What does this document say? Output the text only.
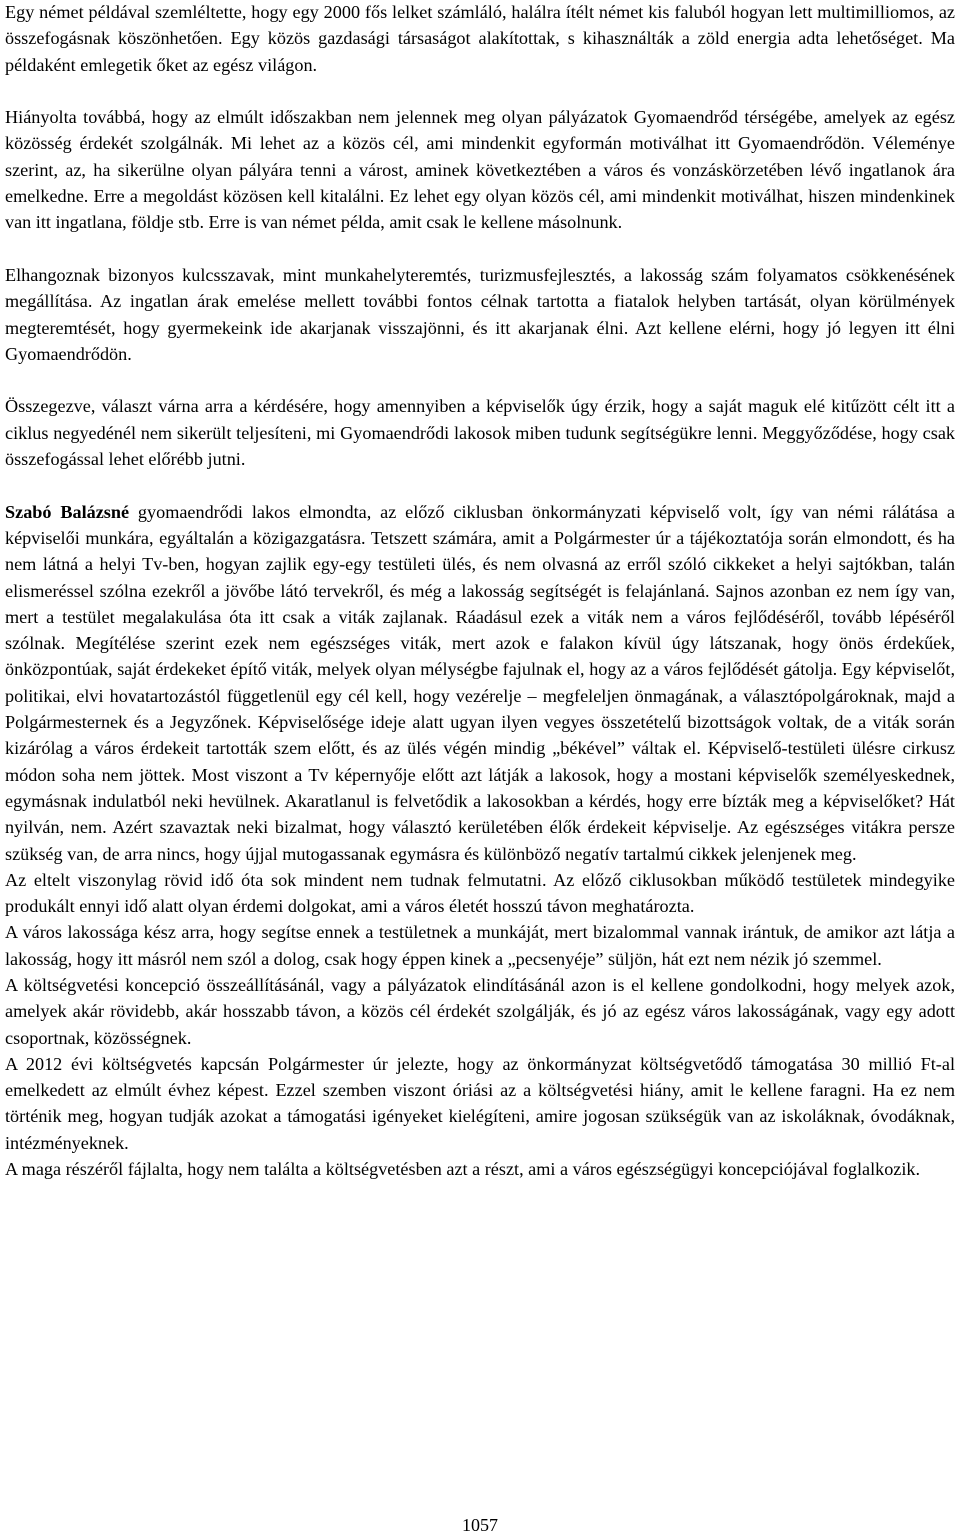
Egy német példával szemléltette, hogy egy 2000 fős lelket számláló, halálra ítélt német kis faluból hogyan lett multimilliomos, az összefogásnak köszönhetően. Egy közös gazdasági társaságot alakítottak, s kihasználták a zöld energia adta lehetőséget. Ma példaként emlegetik őket az egész világon.

Hiányolta továbbá, hogy az elmúlt időszakban nem jelennek meg olyan pályázatok Gyomaendrőd térségébe, amelyek az egész közösség érdekét szolgálnák. Mi lehet az a közös cél, ami mindenkit egyformán motiválhat itt Gyomaendrődön. Véleménye szerint, az, ha sikerülne olyan pályára tenni a várost, aminek következtében a város és vonzáskörzetében lévő ingatlanok ára emelkedne. Erre a megoldást közösen kell kitalálni. Ez lehet egy olyan közös cél, ami mindenkit motiválhat, hiszen mindenkinek van itt ingatlana, földje stb. Erre is van német példa, amit csak le kellene másolnunk.

Elhangoznak bizonyos kulcsszavak, mint munkahelyteremtés, turizmusfejlesztés, a lakosság szám folyamatos csökkenésének megállítása. Az ingatlan árak emelése mellett további fontos célnak tartotta a fiatalok helyben tartását, olyan körülmények megteremtését, hogy gyermekeink ide akarjanak visszajönni, és itt akarjanak élni. Azt kellene elérni, hogy jó legyen itt élni Gyomaendrődön.

Összegezve, választ várna arra a kérdésére, hogy amennyiben a képviselők úgy érzik, hogy a saját maguk elé kitűzött célt itt a ciklus negyedénél nem sikerült teljesíteni, mi Gyomaendrődi lakosok miben tudunk segítségükre lenni. Meggyőződése, hogy csak összefogással lehet előrébb jutni.

Szabó Balázsné gyomaendrődi lakos elmondta, az előző ciklusban önkormányzati képviselő volt, így van némi rálátása a képviselői munkára, egyáltalán a közigazgatásra. Tetszett számára, amit a Polgármester úr a tájékoztatója során elmondott, és ha nem látná a helyi Tv-ben, hogyan zajlik egy-egy testületi ülés, és nem olvasná az erről szóló cikkeket a helyi sajtókban, talán elismeréssel szólna ezekről a jövőbe látó tervekről, és még a lakosság segítségét is felajánlaná. Sajnos azonban ez nem így van, mert a testület megalakulása óta itt csak a viták zajlanak. Ráadásul ezek a viták nem a város fejlődéséről, tovább lépéséről szólnak. Megítélése szerint ezek nem egészséges viták, mert azok e falakon kívül úgy látszanak, hogy önös érdekűek, önközpontúak, saját érdekeket építő viták, melyek olyan mélységbe fajulnak el, hogy az a város fejlődését gátolja. Egy képviselőt, politikai, elvi hovatartozástól függetlenül egy cél kell, hogy vezérelje – megfeleljen önmagának, a választópolgároknak, majd a Polgármesternek és a Jegyzőnek. Képviselősége ideje alatt ugyan ilyen vegyes összetételű bizottságok voltak, de a viták során kizárólag a város érdekeit tartották szem előtt, és az ülés végén mindig „békével” váltak el. Képviselő-testületi ülésre cirkusz módon soha nem jöttek. Most viszont a Tv képernyője előtt azt látják a lakosok, hogy a mostani képviselők személyeskednek, egymásnak indulatból neki hevülnek. Akaratlanul is felvetődik a lakosokban a kérdés, hogy erre bízták meg a képviselőket? Hát nyilván, nem. Azért szavaztak neki bizalmat, hogy választó kerületében élők érdekeit képviselje. Az egészséges vitákra persze szükség van, de arra nincs, hogy újjal mutogassanak egymásra és különböző negatív tartalmú cikkek jelenjenek meg.

Az eltelt viszonylag rövid idő óta sok mindent nem tudnak felmutatni. Az előző ciklusokban működő testületek mindegyike produkált ennyi idő alatt olyan érdemi dolgokat, ami a város életét hosszú távon meghatározta.

A város lakossága kész arra, hogy segítse ennek a testületnek a munkáját, mert bizalommal vannak irántuk, de amikor azt látja a lakosság, hogy itt másról nem szól a dolog, csak hogy éppen kinek a „pecsenyéje” süljön, hát ezt nem nézik jó szemmel.

A költségvetési koncepció összeállításánál, vagy a pályázatok elindításánál azon is el kellene gondolkodni, hogy melyek azok, amelyek akár rövidebb, akár hosszabb távon, a közös cél érdekét szolgálják, és jó az egész város lakosságának, vagy egy adott csoportnak, közösségnek.

A 2012 évi költségvetés kapcsán Polgármester úr jelezte, hogy az önkormányzat költségvetődő támogatása 30 millió Ft-al emelkedett az elmúlt évhez képest. Ezzel szemben viszont óriási az a költségvetési hiány, amit le kellene faragni. Ha ez nem történik meg, hogyan tudják azokat a támogatási igényeket kielégíteni, amire jogosan szükségük van az iskoláknak, óvodáknak, intézményeknek.

A maga részéről fájlalta, hogy nem találta a költségvetésben azt a részt, ami a város egészségügyi koncepciójával foglalkozik.

1057
